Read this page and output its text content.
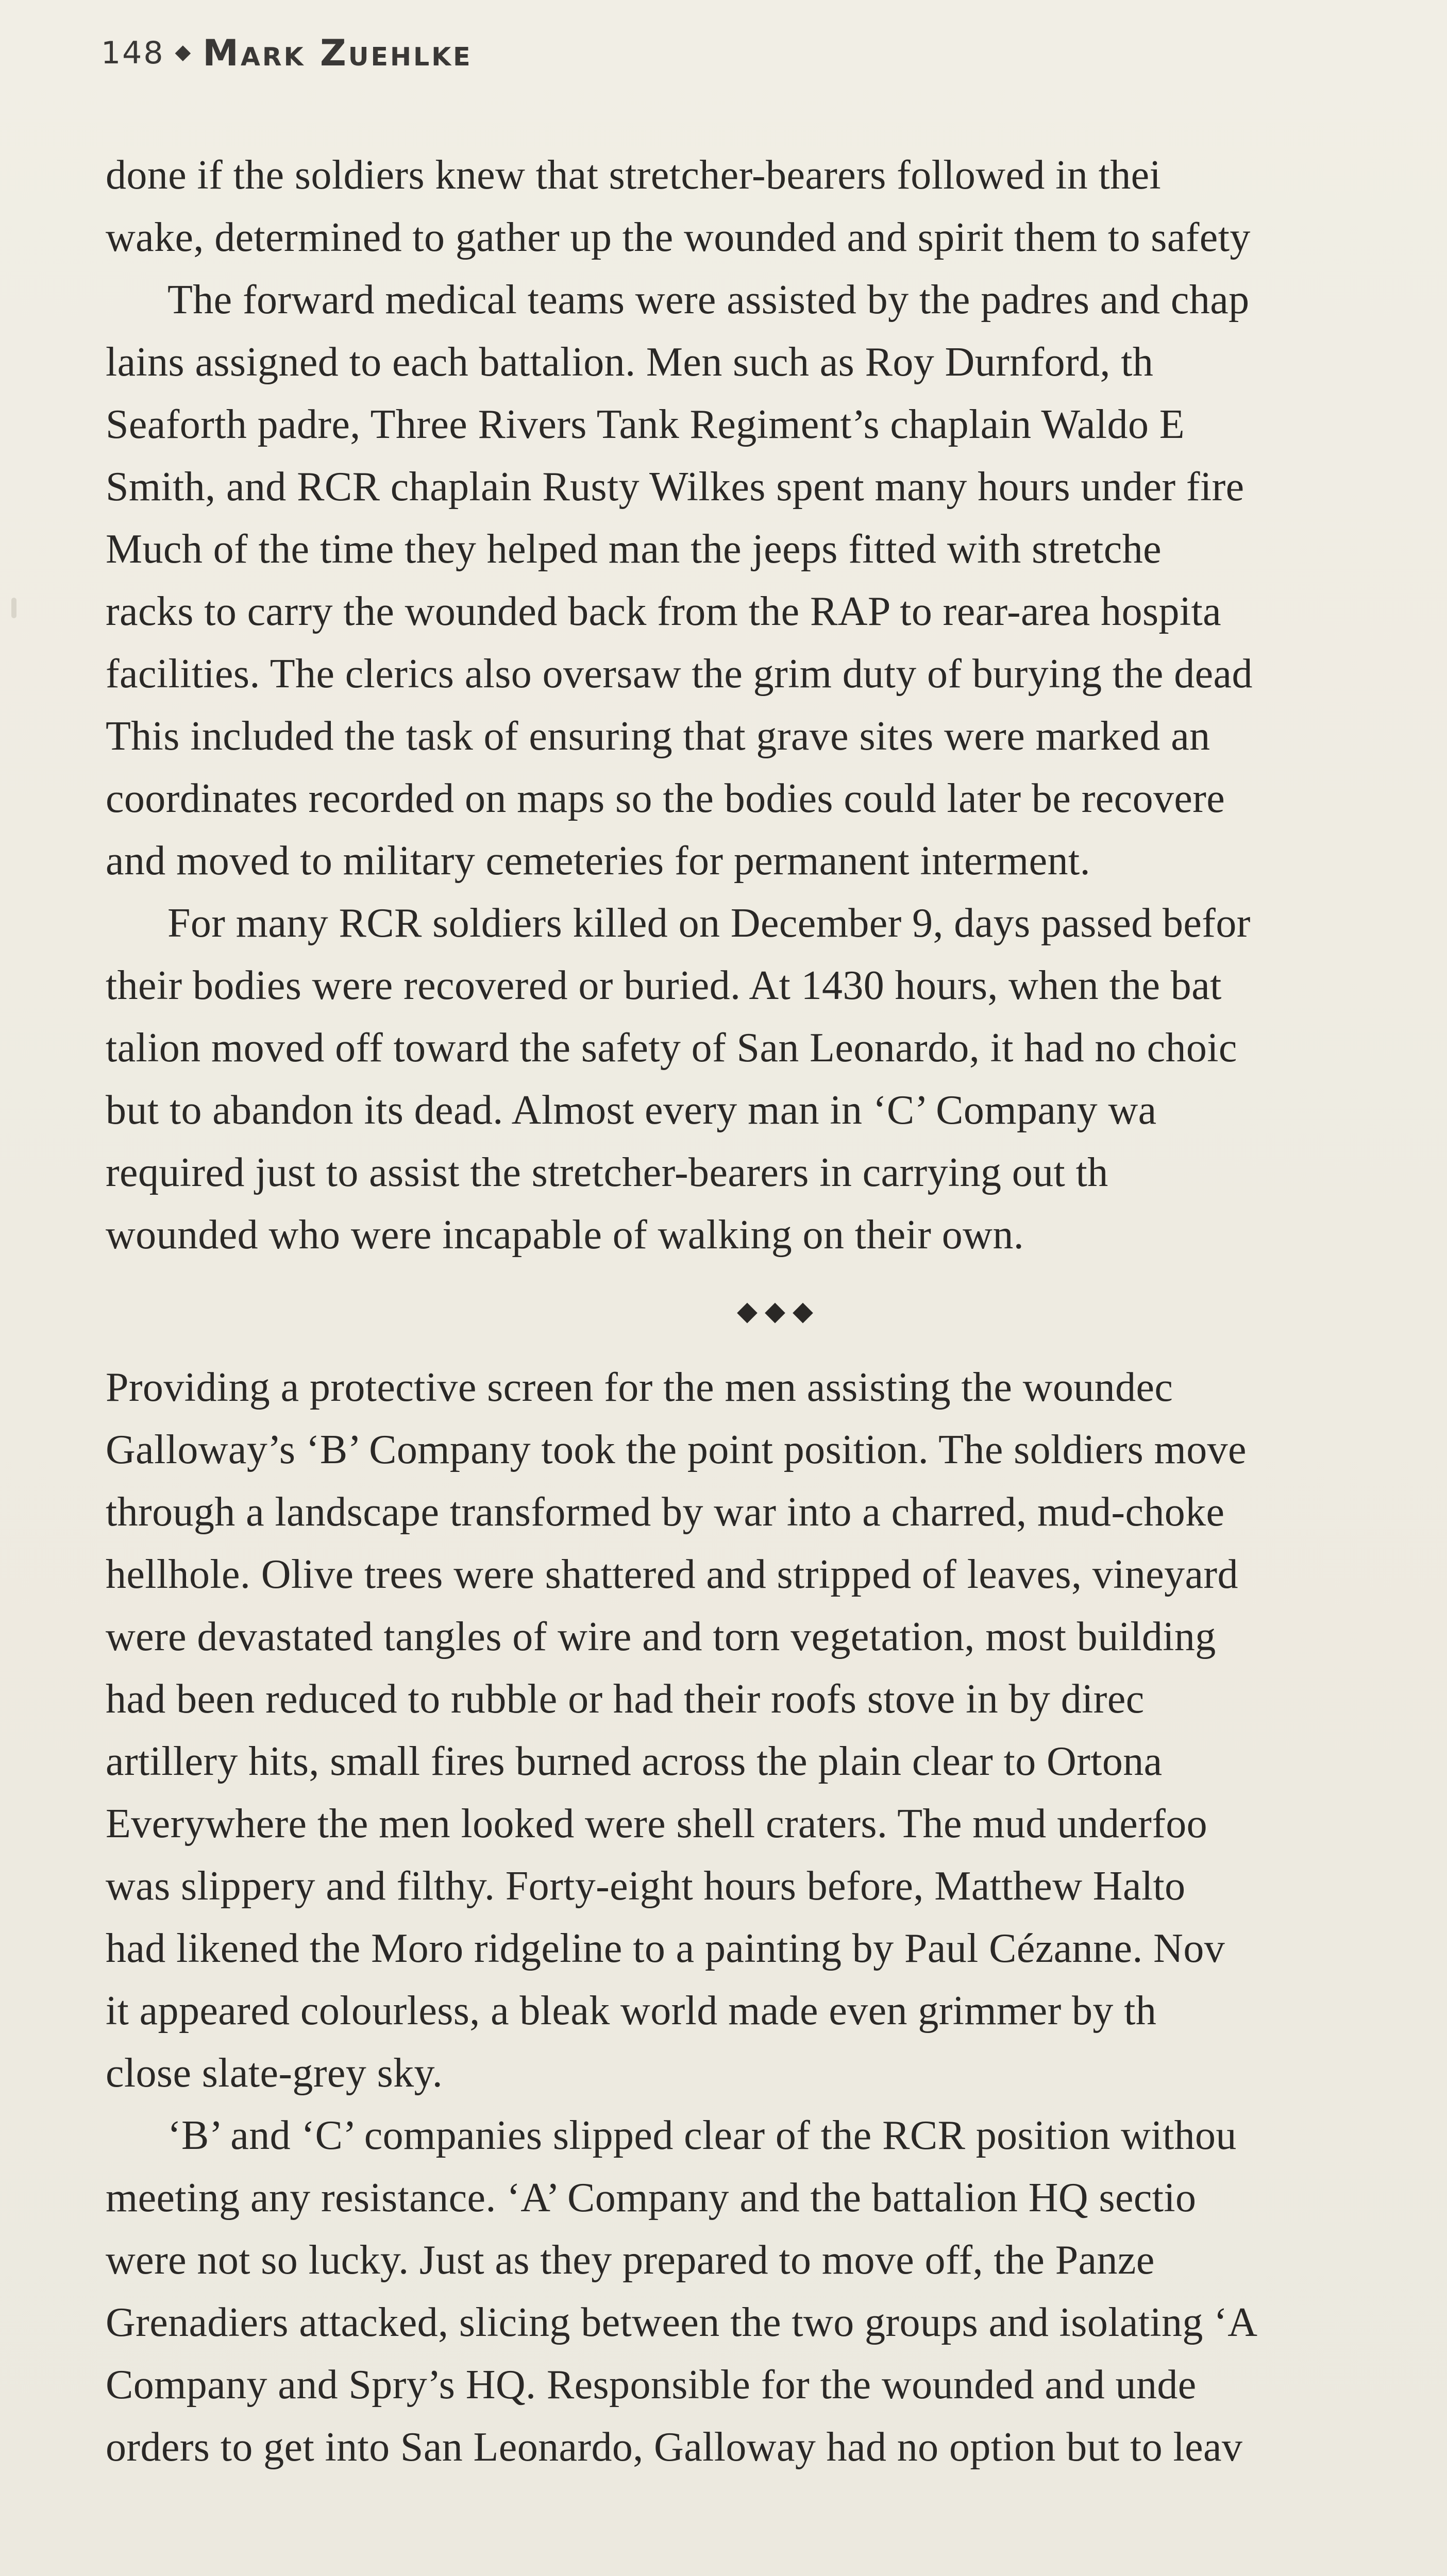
148 ◆ Mark Zuehlke
done if the soldiers knew that stretcher-bearers followed in thei
wake, determined to gather up the wounded and spirit them to safety
The forward medical teams were assisted by the padres and chap
lains assigned to each battalion. Men such as Roy Durnford, th
Seaforth padre, Three Rivers Tank Regiment’s chaplain Waldo E
Smith, and RCR chaplain Rusty Wilkes spent many hours under fire
Much of the time they helped man the jeeps fitted with stretche
racks to carry the wounded back from the RAP to rear-area hospita
facilities. The clerics also oversaw the grim duty of burying the dead
This included the task of ensuring that grave sites were marked an
coordinates recorded on maps so the bodies could later be recovere
and moved to military cemeteries for permanent interment.
For many RCR soldiers killed on December 9, days passed befor
their bodies were recovered or buried. At 1430 hours, when the bat
talion moved off toward the safety of San Leonardo, it had no choic
but to abandon its dead. Almost every man in ‘C’ Company wa
required just to assist the stretcher-bearers in carrying out th
wounded who were incapable of walking on their own.
◆◆◆
Providing a protective screen for the men assisting the woundec
Galloway’s ‘B’ Company took the point position. The soldiers move
through a landscape transformed by war into a charred, mud-choke
hellhole. Olive trees were shattered and stripped of leaves, vineyard
were devastated tangles of wire and torn vegetation, most building
had been reduced to rubble or had their roofs stove in by direc
artillery hits, small fires burned across the plain clear to Ortona
Everywhere the men looked were shell craters. The mud underfoo
was slippery and filthy. Forty-eight hours before, Matthew Halto
had likened the Moro ridgeline to a painting by Paul Cézanne. Nov
it appeared colourless, a bleak world made even grimmer by th
close slate-grey sky.
‘B’ and ‘C’ companies slipped clear of the RCR position withou
meeting any resistance. ‘A’ Company and the battalion HQ sectio
were not so lucky. Just as they prepared to move off, the Panze
Grenadiers attacked, slicing between the two groups and isolating ‘A
Company and Spry’s HQ. Responsible for the wounded and unde
orders to get into San Leonardo, Galloway had no option but to leav
